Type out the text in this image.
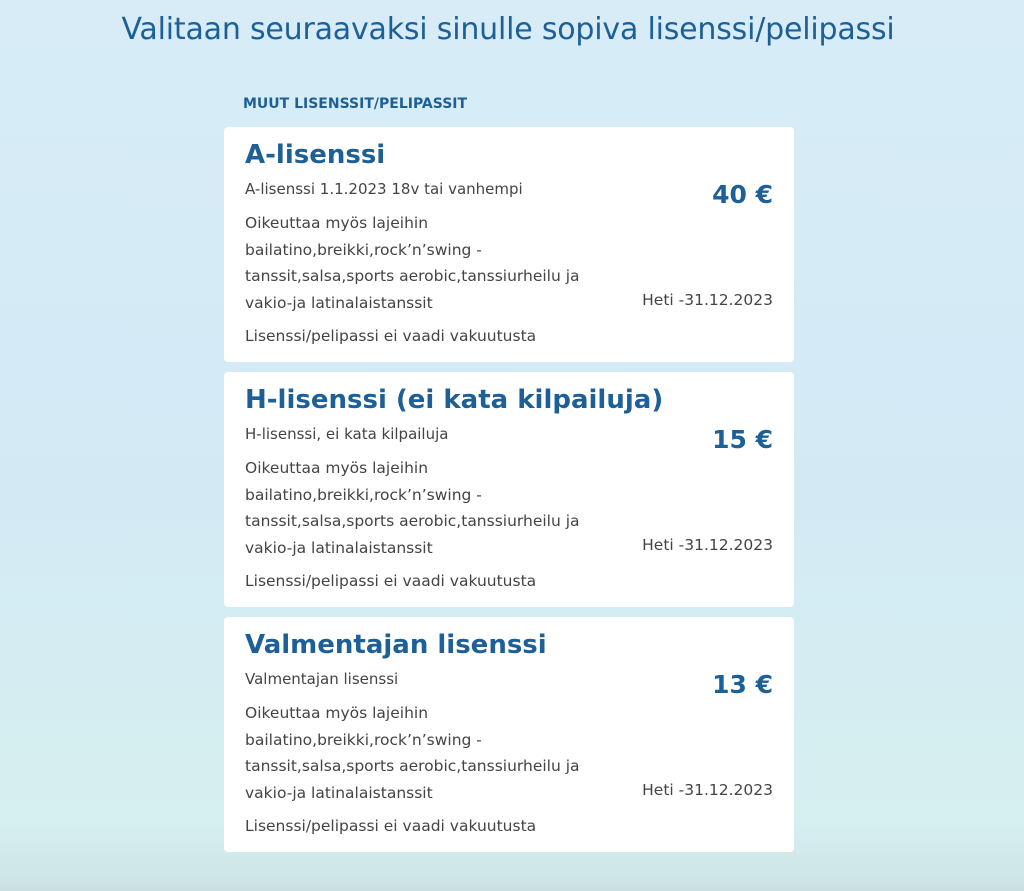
Valitaan seuraavaksi sinulle sopiva lisenssi/pelipassi
MUUT LISENSSIT/PELIPASSIT
A-lisenssi
A-lisenssi 1.1.2023 18v tai vanhempi
Oikeuttaa myös lajeihin bailatino,breikki,rock’n’swing -tanssit,salsa,sports aerobic,tanssiurheilu ja vakio-ja latinalaistanssit
Lisenssi/pelipassi ei vaadi vakuutusta
40 €
Heti -31.12.2023
H-lisenssi (ei kata kilpailuja)
H-lisenssi, ei kata kilpailuja
Oikeuttaa myös lajeihin bailatino,breikki,rock’n’swing -tanssit,salsa,sports aerobic,tanssiurheilu ja vakio-ja latinalaistanssit
Lisenssi/pelipassi ei vaadi vakuutusta
15 €
Heti -31.12.2023
Valmentajan lisenssi
Valmentajan lisenssi
Oikeuttaa myös lajeihin bailatino,breikki,rock’n’swing -tanssit,salsa,sports aerobic,tanssiurheilu ja vakio-ja latinalaistanssit
Lisenssi/pelipassi ei vaadi vakuutusta
13 €
Heti -31.12.2023
